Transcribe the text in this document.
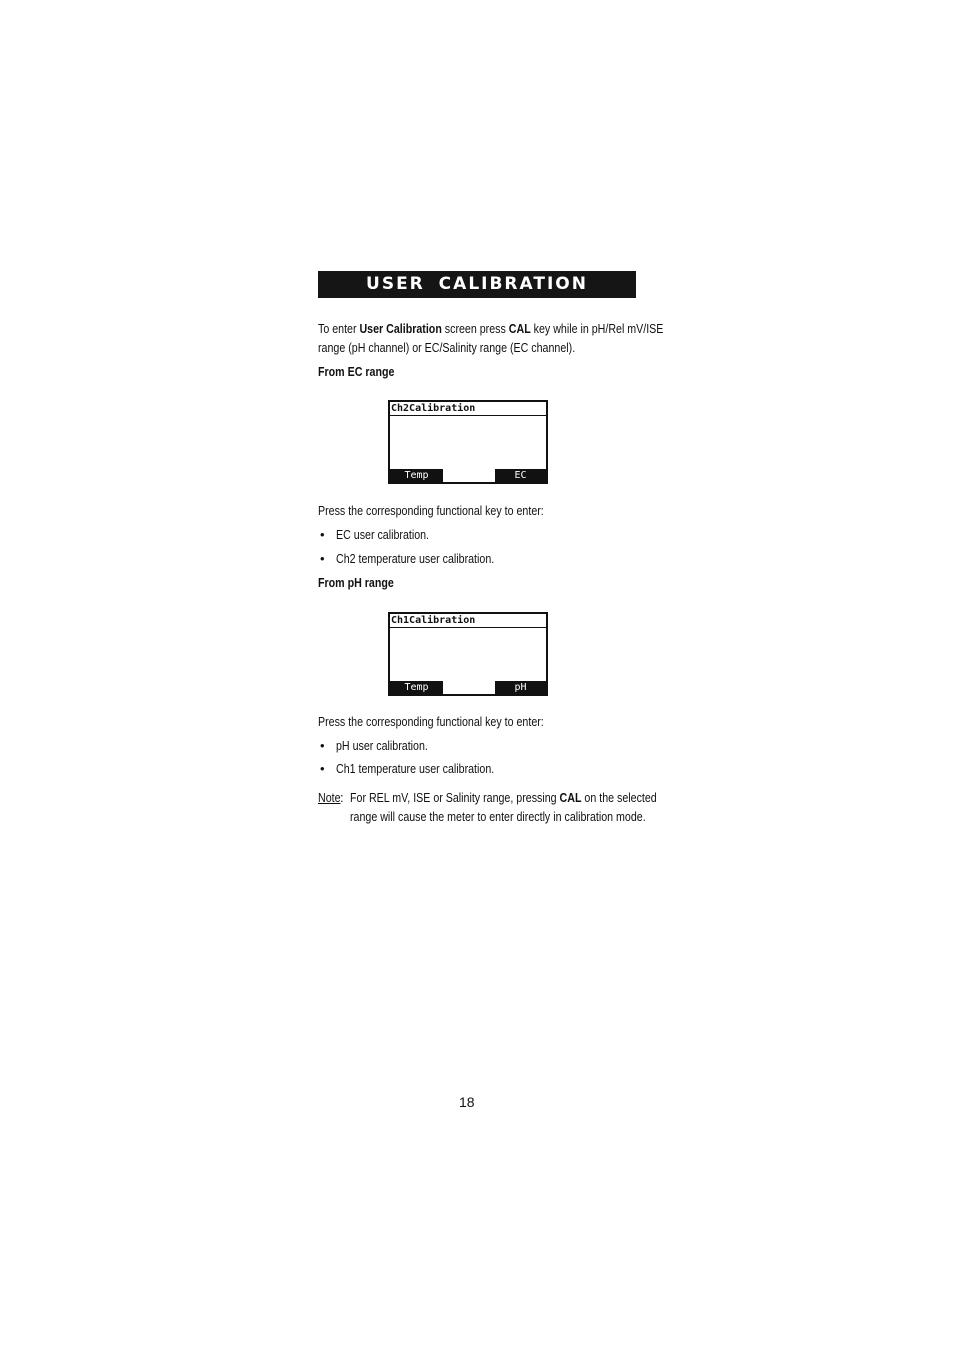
USER CALIBRATION
To enter User Calibration screen press CAL key while in pH/Rel mV/ISE
range (pH channel) or EC/Salinity range (EC channel).
From EC range
Ch2Calibration
Temp	EC
Press the corresponding functional key to enter:
• EC user calibration.
• Ch2 temperature user calibration.
From pH range
Ch1Calibration
Temp	pH
Press the corresponding functional key to enter:
• pH user calibration.
• Ch1 temperature user calibration.
Note : For REL mV, ISE or Salinity range, pressing CAL on the selected
range will cause the meter to enter directly in calibration mode.
18
